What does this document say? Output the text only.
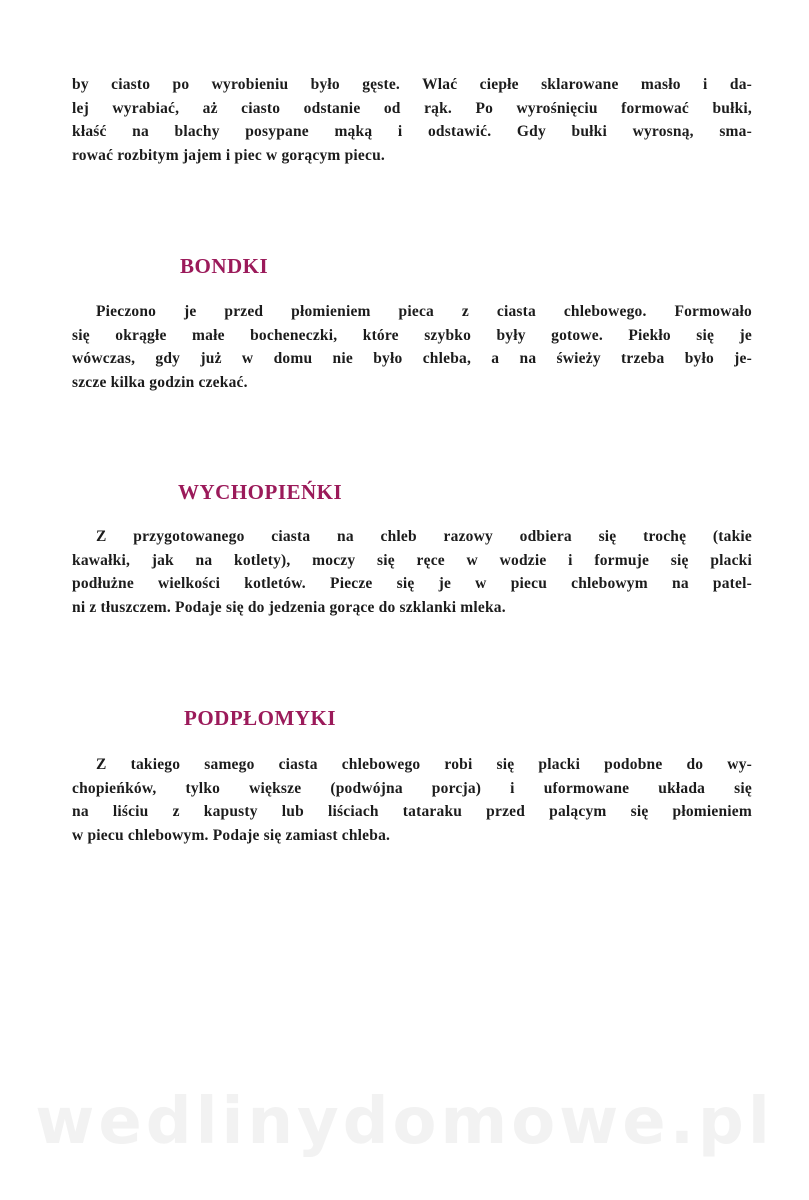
by ciasto po wyrobieniu było gęste. Wlać ciepłe sklarowane masło i da-
lej wyrabiać, aż ciasto odstanie od rąk. Po wyrośnięciu formować bułki,
kłaść na blachy posypane mąką i odstawić. Gdy bułki wyrosną, sma-
rować rozbitym jajem i piec w gorącym piecu.

BONDKI

Pieczono je przed płomieniem pieca z ciasta chlebowego. Formowało
się okrągłe małe bocheneczki, które szybko były gotowe. Piekło się je
wówczas, gdy już w domu nie było chleba, a na świeży trzeba było je-
szcze kilka godzin czekać.

WYCHOPIEŃKI

Z przygotowanego ciasta na chleb razowy odbiera się trochę (takie
kawałki, jak na kotlety), moczy się ręce w wodzie i formuje się placki
podłużne wielkości kotletów. Piecze się je w piecu chlebowym na patel-
ni z tłuszczem. Podaje się do jedzenia gorące do szklanki mleka.

PODPŁOMYKI

Z takiego samego ciasta chlebowego robi się placki podobne do wy-
chopieńków, tylko większe (podwójna porcja) i uformowane układa się
na liściu z kapusty lub liściach tataraku przed palącym się płomieniem
w piecu chlebowym. Podaje się zamiast chleba.

wedlinydomowe.pl
